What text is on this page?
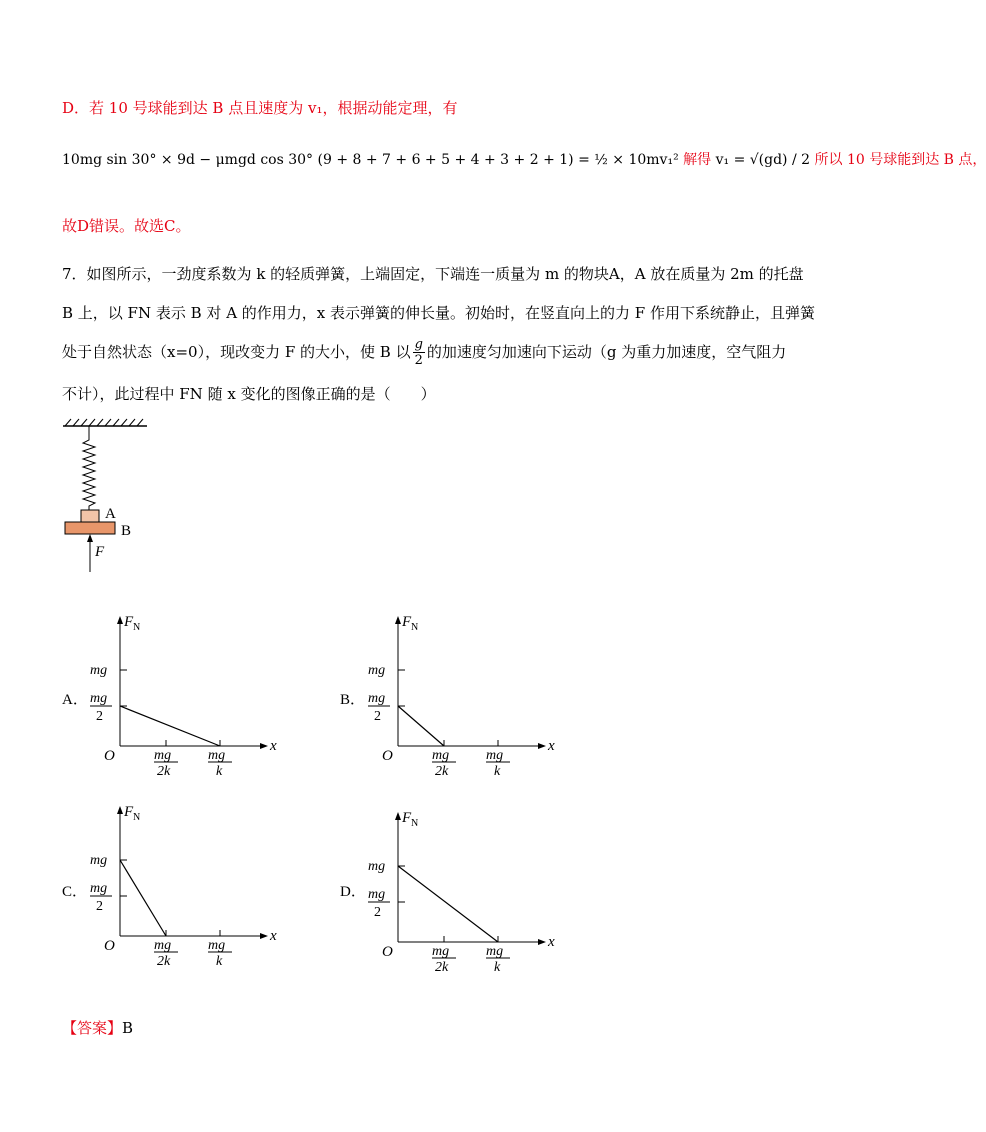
D．若 10 号球能到达 B 点且速度为 v₁，根据动能定理，有
10mg sin 30° × 9d − μmgd cos 30° (9 + 8 + 7 + 6 + 5 + 4 + 3 + 2 + 1) = ½ × 10mv₁² 解得 v₁ = √(gd) / 2 所以 10 号球能到达 B 点，
故D错误。故选C。
7．如图所示，一劲度系数为 k 的轻质弹簧，上端固定，下端连一质量为 m 的物块A，A 放在质量为 2m 的托盘
B 上，以 FN 表示 B 对 A 的作用力，x 表示弹簧的伸长量。初始时，在竖直向上的力 F 作用下系统静止，且弹簧
处于自然状态（x=0），现改变力 F 的大小，使 B 以 $\frac{g}{2}$ 的加速度匀加速向下运动（g 为重力加速度，空气阻力
不计），此过程中 FN 随 x 变化的图像正确的是（　　）
A
B
F
A．	B．
C．	D．
F N
x
O
mg
mg
2
mg
2k
mg
k
F N
x
O
mg
mg
2
mg
2k
mg
k
F N
x
O
mg
mg
2
mg
2k
mg
k
F N
x
O
mg
mg
2
mg
2k
mg
k
【答案】B
